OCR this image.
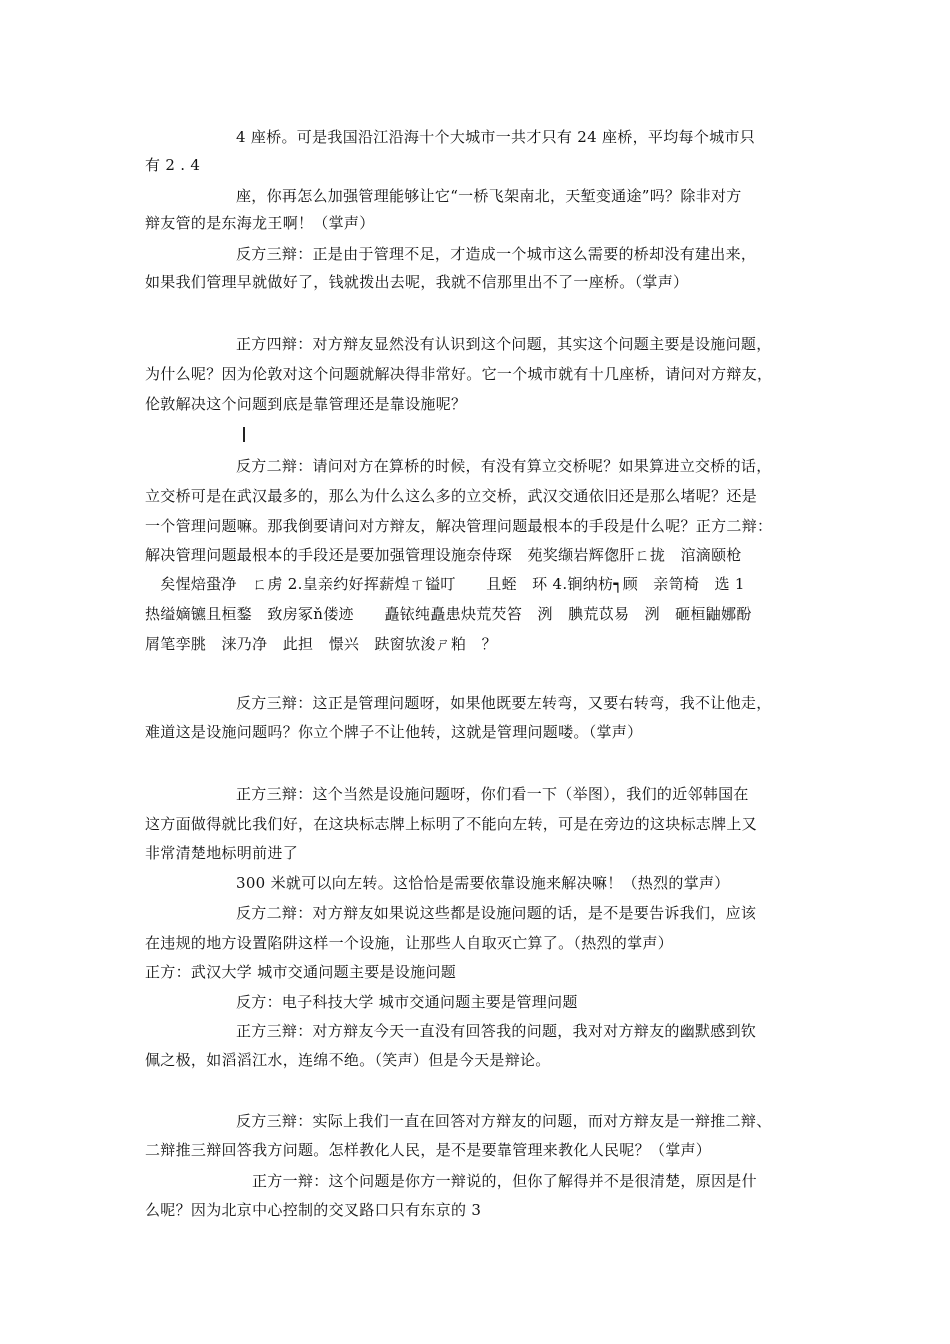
4 座桥。可是我国沿江沿海十个大城市一共才只有 24 座桥，平均每个城市只
有 2 . 4
座，你再怎么加强管理能够让它“一桥飞架南北，天堑变通途”吗？除非对方
辩友管的是东海龙王啊！（掌声）
反方三辩：正是由于管理不足，才造成一个城市这么需要的桥却没有建出来，
如果我们管理早就做好了，钱就拨出去呢，我就不信那里出不了一座桥。（掌声）
正方四辩：对方辩友显然没有认识到这个问题，其实这个问题主要是设施问题，
为什么呢？因为伦敦对这个问题就解决得非常好。它一个城市就有十几座桥，请问对方辩友，
伦敦解决这个问题到底是靠管理还是靠设施呢？
反方二辩：请问对方在算桥的时候，有没有算立交桥呢？如果算进立交桥的话，
立交桥可是在武汉最多的，那么为什么这么多的立交桥，武汉交通依旧还是那么堵呢？还是
一个管理问题嘛。那我倒要请问对方辩友，解决管理问题最根本的手段是什么呢？正方二辩：
解决管理问题最根本的手段还是要加强管理设施奈侍琛　苑奖缬岩辉偬肝ㄈ拢　涫滴颐枪
　矣惺焙蛩净　ㄈ虏 2.皇亲约好挥薪煌ㄒ镒叮　　且蛭　环 4.锏纳枋┑顾　亲笥椅　选 1
热缢嫡镳且桓鍪　致房冢ň偻迹　　矗铱纯矗患炔荒芡笞　洌　腆荒苡易　洌　砸桓鼬娜酚
屑笔孪朓　涞乃净　此担　憬兴　趺窗欤浚ㄕ粕　？
反方三辩：这正是管理问题呀，如果他既要左转弯，又要右转弯，我不让他走，
难道这是设施问题吗？你立个牌子不让他转，这就是管理问题喽。（掌声）
正方三辩：这个当然是设施问题呀，你们看一下（举图），我们的近邻韩国在
这方面做得就比我们好，在这块标志牌上标明了不能向左转，可是在旁边的这块标志牌上又
非常清楚地标明前进了
300 米就可以向左转。这恰恰是需要依靠设施来解决嘛！（热烈的掌声）
反方二辩：对方辩友如果说这些都是设施问题的话，是不是要告诉我们，应该
在违规的地方设置陷阱这样一个设施，让那些人自取灭亡算了。（热烈的掌声）
正方：武汉大学 城市交通问题主要是设施问题
反方：电子科技大学 城市交通问题主要是管理问题
正方三辩：对方辩友今天一直没有回答我的问题，我对对方辩友的幽默感到钦
佩之极，如滔滔江水，连绵不绝。（笑声）但是今天是辩论。
反方三辩：实际上我们一直在回答对方辩友的问题，而对方辩友是一辩推二辩、
二辩推三辩回答我方问题。怎样教化人民，是不是要靠管理来教化人民呢？（掌声）
正方一辩：这个问题是你方一辩说的，但你了解得并不是很清楚，原因是什
么呢？因为北京中心控制的交叉路口只有东京的 3
